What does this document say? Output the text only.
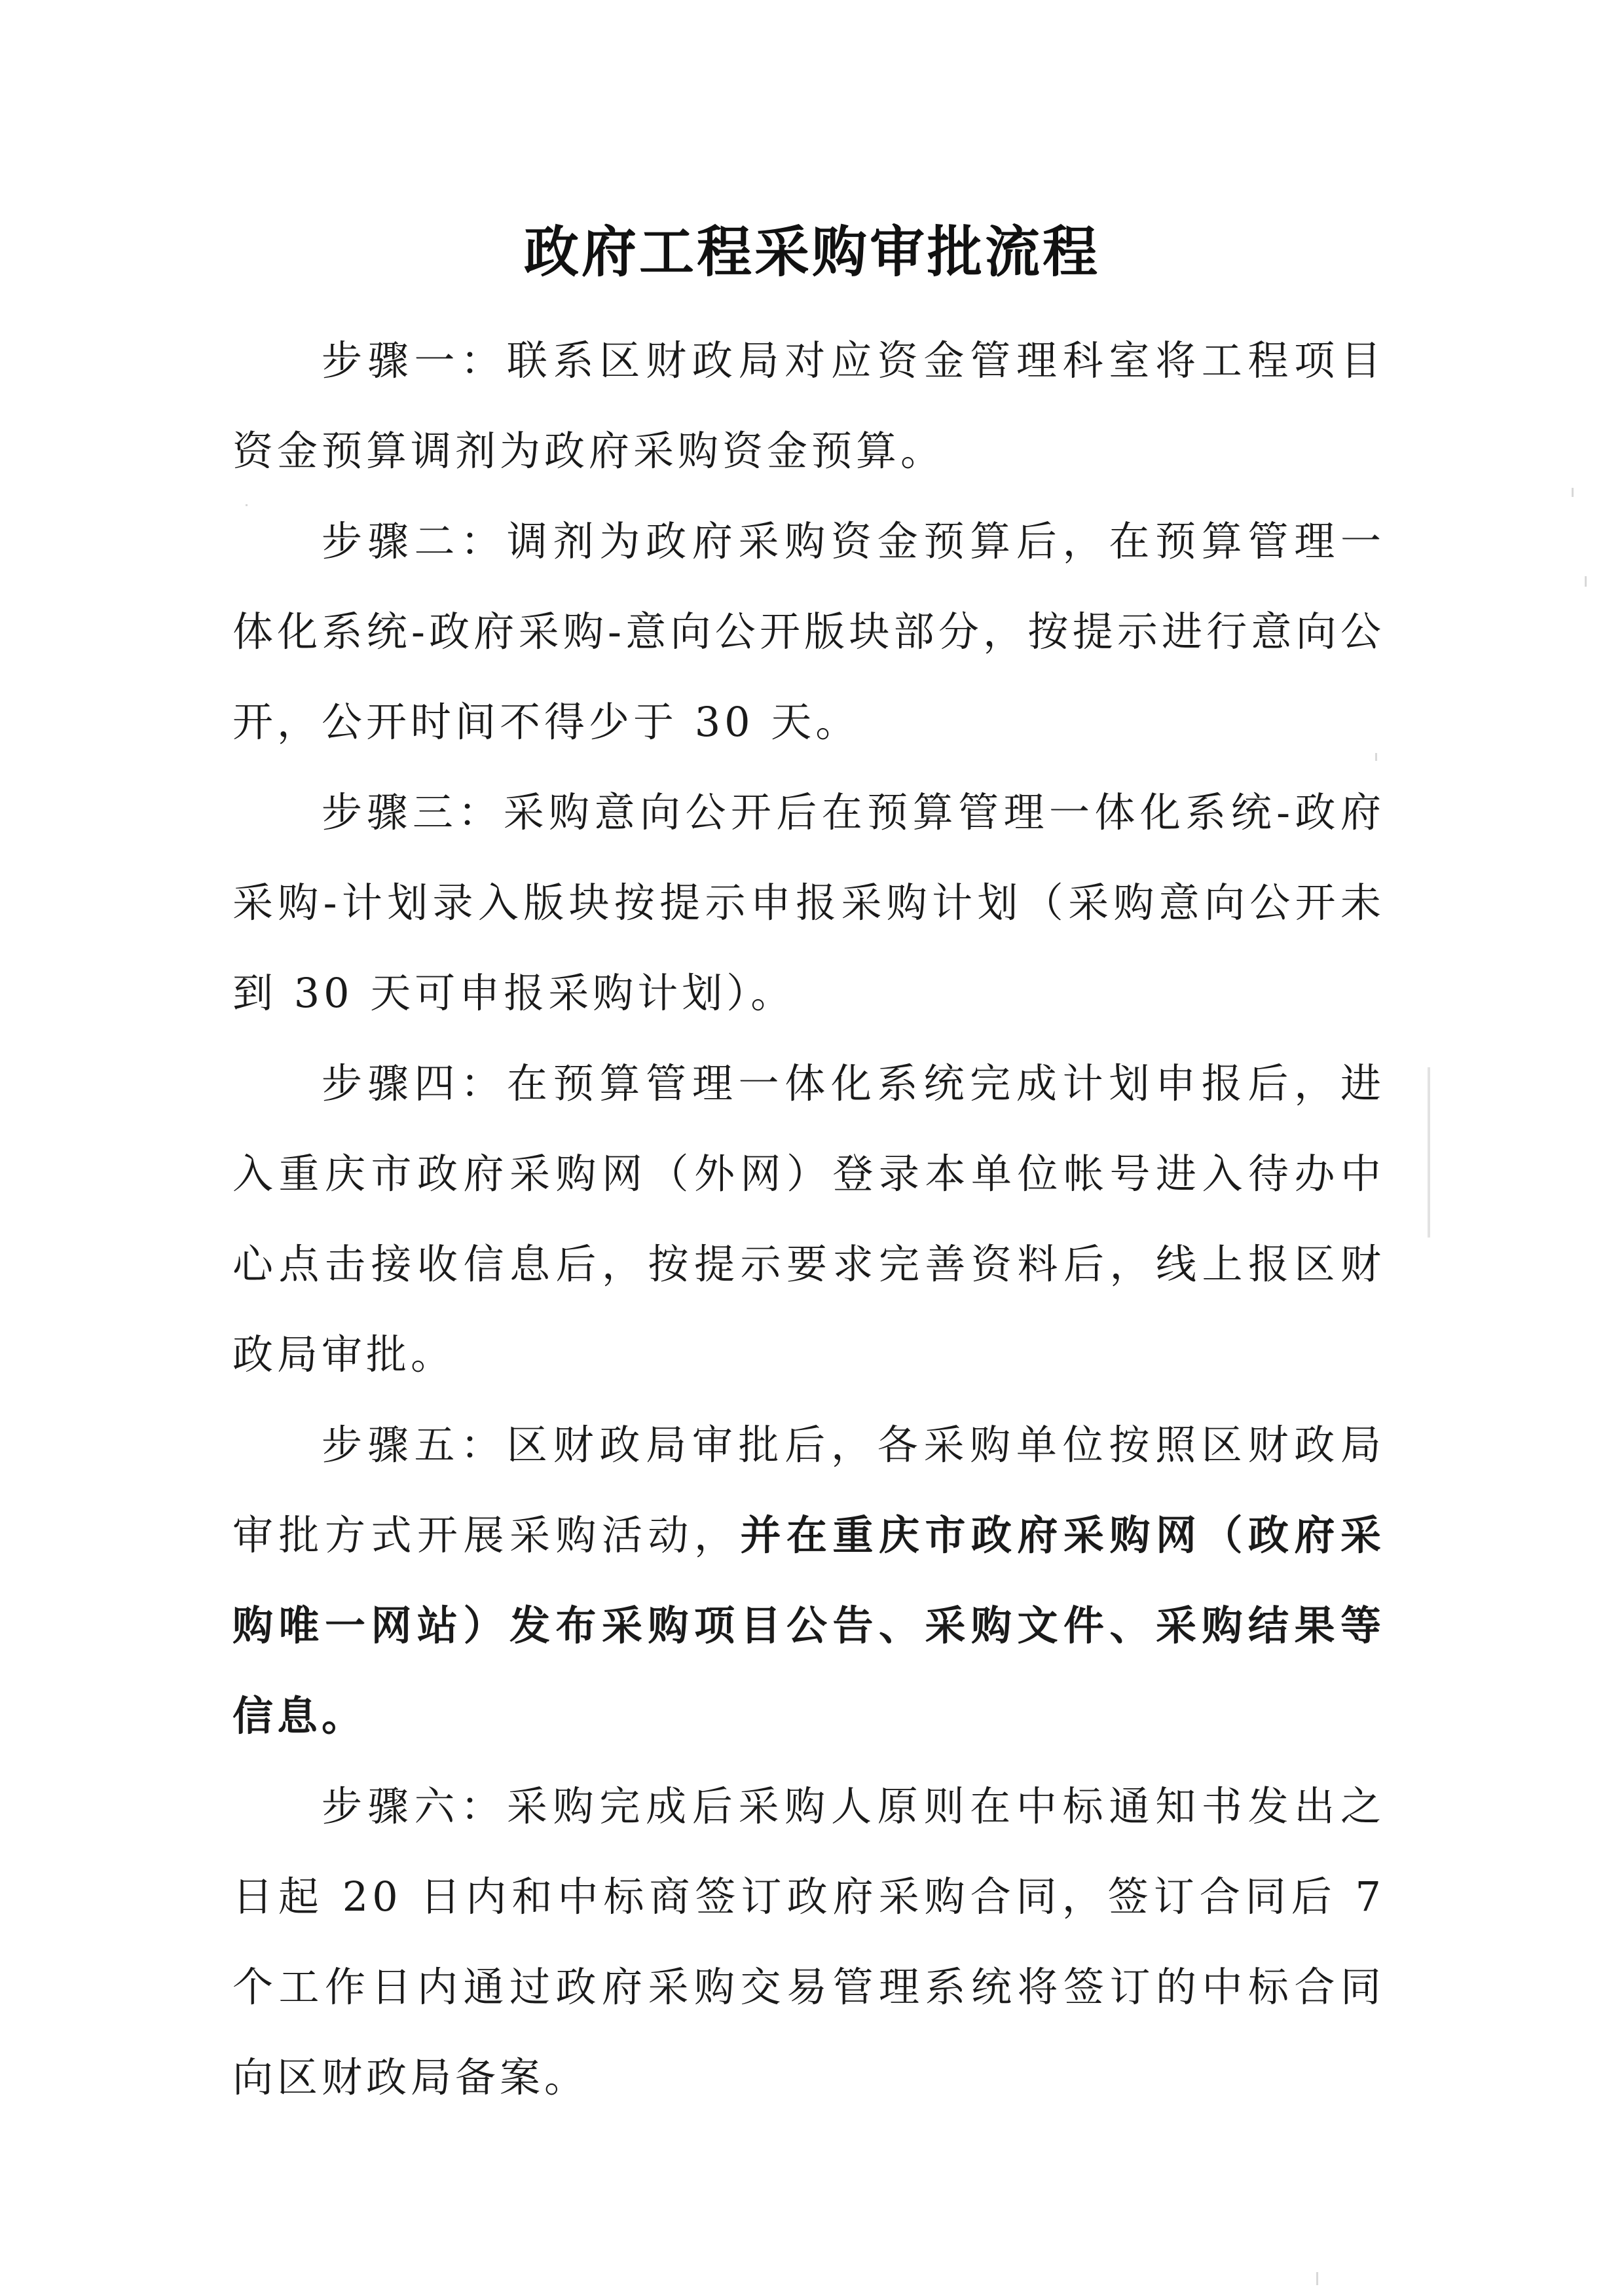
政府工程采购审批流程

步骤一：联系区财政局对应资金管理科室将工程项目资金预算调剂为政府采购资金预算。

步骤二：调剂为政府采购资金预算后，在预算管理一体化系统-政府采购-意向公开版块部分，按提示进行意向公开，公开时间不得少于 30 天。

步骤三：采购意向公开后在预算管理一体化系统-政府采购-计划录入版块按提示申报采购计划（采购意向公开未到 30 天可申报采购计划）。

步骤四：在预算管理一体化系统完成计划申报后，进入重庆市政府采购网（外网）登录本单位帐号进入待办中心点击接收信息后，按提示要求完善资料后，线上报区财政局审批。

步骤五：区财政局审批后，各采购单位按照区财政局审批方式开展采购活动，并在重庆市政府采购网（政府采购唯一网站）发布采购项目公告、采购文件、采购结果等信息。

步骤六：采购完成后采购人原则在中标通知书发出之日起 20 日内和中标商签订政府采购合同，签订合同后 7 个工作日内通过政府采购交易管理系统将签订的中标合同向区财政局备案。
